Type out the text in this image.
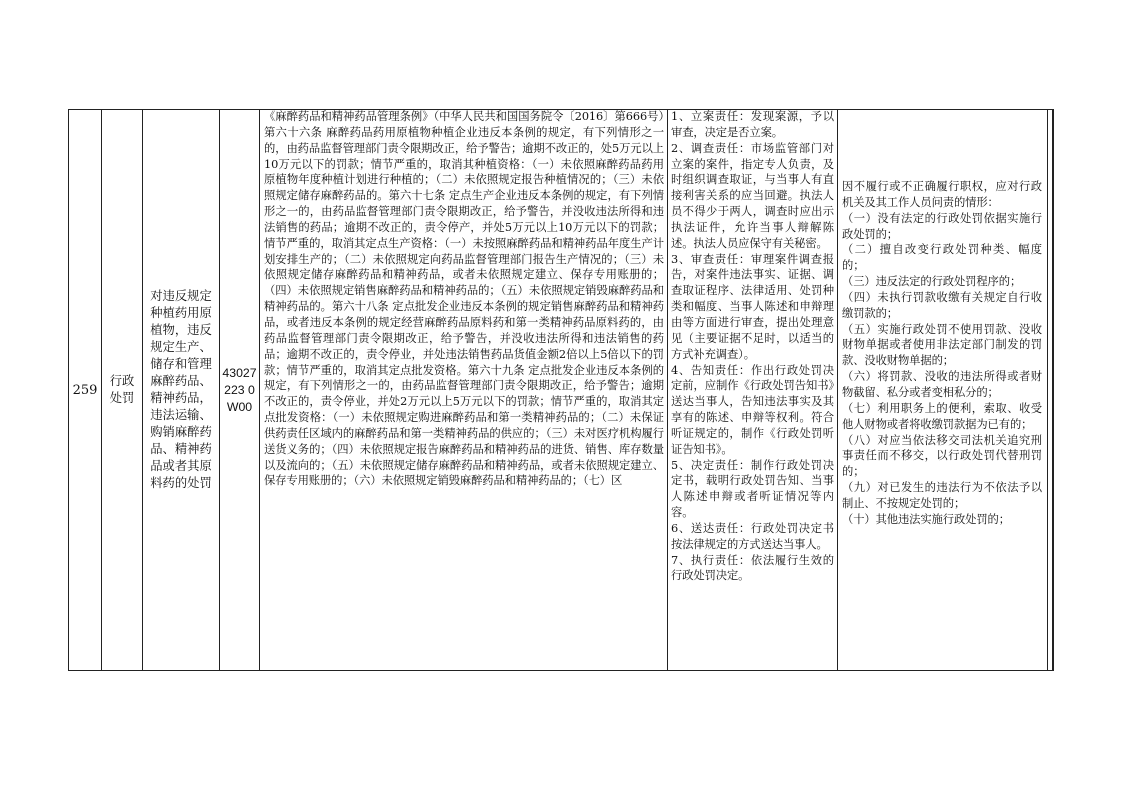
259
行政处罚
对违反规定种植药用原植物，违反规定生产、储存和管理麻醉药品、精神药品，违法运输、购销麻醉药品、精神药品或者其原料药的处罚
43027223 0W00
《麻醉药品和精神药品管理条例》（中华人民共和国国务院令〔2016〕第666号）第六十六条 麻醉药品药用原植物种植企业违反本条例的规定，有下列情形之一的，由药品监督管理部门责令限期改正，给予警告；逾期不改正的，处5万元以上10万元以下的罚款；情节严重的，取消其种植资格：（一）未依照麻醉药品药用原植物年度种植计划进行种植的；（二）未依照规定报告种植情况的；（三）未依照规定储存麻醉药品的。第六十七条 定点生产企业违反本条例的规定，有下列情形之一的，由药品监督管理部门责令限期改正，给予警告，并没收违法所得和违法销售的药品；逾期不改正的，责令停产，并处5万元以上10万元以下的罚款；情节严重的，取消其定点生产资格：（一）未按照麻醉药品和精神药品年度生产计划安排生产的；（二）未依照规定向药品监督管理部门报告生产情况的；（三）未依照规定储存麻醉药品和精神药品，或者未依照规定建立、保存专用账册的；（四）未依照规定销售麻醉药品和精神药品的；（五）未依照规定销毁麻醉药品和精神药品的。第六十八条 定点批发企业违反本条例的规定销售麻醉药品和精神药品，或者违反本条例的规定经营麻醉药品原料药和第一类精神药品原料药的，由药品监督管理部门责令限期改正，给予警告，并没收违法所得和违法销售的药品；逾期不改正的，责令停业，并处违法销售药品货值金额2倍以上5倍以下的罚款；情节严重的，取消其定点批发资格。第六十九条 定点批发企业违反本条例的规定，有下列情形之一的，由药品监督管理部门责令限期改正，给予警告；逾期不改正的，责令停业，并处2万元以上5万元以下的罚款；情节严重的，取消其定点批发资格：（一）未依照规定购进麻醉药品和第一类精神药品的；（二）未保证供药责任区域内的麻醉药品和第一类精神药品的供应的；（三）未对医疗机构履行送货义务的；（四）未依照规定报告麻醉药品和精神药品的进货、销售、库存数量以及流向的；（五）未依照规定储存麻醉药品和精神药品，或者未依照规定建立、保存专用账册的；（六）未依照规定销毁麻醉药品和精神药品的；（七）区
1、立案责任：发现案源，予以审查，决定是否立案。
2、调查责任：市场监管部门对立案的案件，指定专人负责，及时组织调查取证，与当事人有直接利害关系的应当回避。执法人员不得少于两人，调查时应出示执法证件，允许当事人辩解陈述。执法人员应保守有关秘密。
3、审查责任：审理案件调查报告，对案件违法事实、证据、调查取证程序、法律适用、处罚种类和幅度、当事人陈述和申辩理由等方面进行审查，提出处理意见（主要证据不足时，以适当的方式补充调查）。
4、告知责任：作出行政处罚决定前，应制作《行政处罚告知书》送达当事人，告知违法事实及其享有的陈述、申辩等权利。符合听证规定的，制作《行政处罚听证告知书》。
5、决定责任：制作行政处罚决定书，载明行政处罚告知、当事人陈述申辩或者听证情况等内容。
6、送达责任：行政处罚决定书按法律规定的方式送达当事人。
7、执行责任：依法履行生效的行政处罚决定。
因不履行或不正确履行职权，应对行政机关及其工作人员问责的情形：
（一）没有法定的行政处罚依据实施行政处罚的；
（二）擅自改变行政处罚种类、幅度的；
（三）违反法定的行政处罚程序的；
（四）未执行罚款收缴有关规定自行收缴罚款的；
（五）实施行政处罚不使用罚款、没收财物单据或者使用非法定部门制发的罚款、没收财物单据的；
（六）将罚款、没收的违法所得或者财物截留、私分或者变相私分的；
（七）利用职务上的便利，索取、收受他人财物或者将收缴罚款据为已有的；
（八）对应当依法移交司法机关追究刑事责任而不移交，以行政处罚代替刑罚的；
（九）对已发生的违法行为不依法予以制止、不按规定处罚的；
（十）其他违法实施行政处罚的；
